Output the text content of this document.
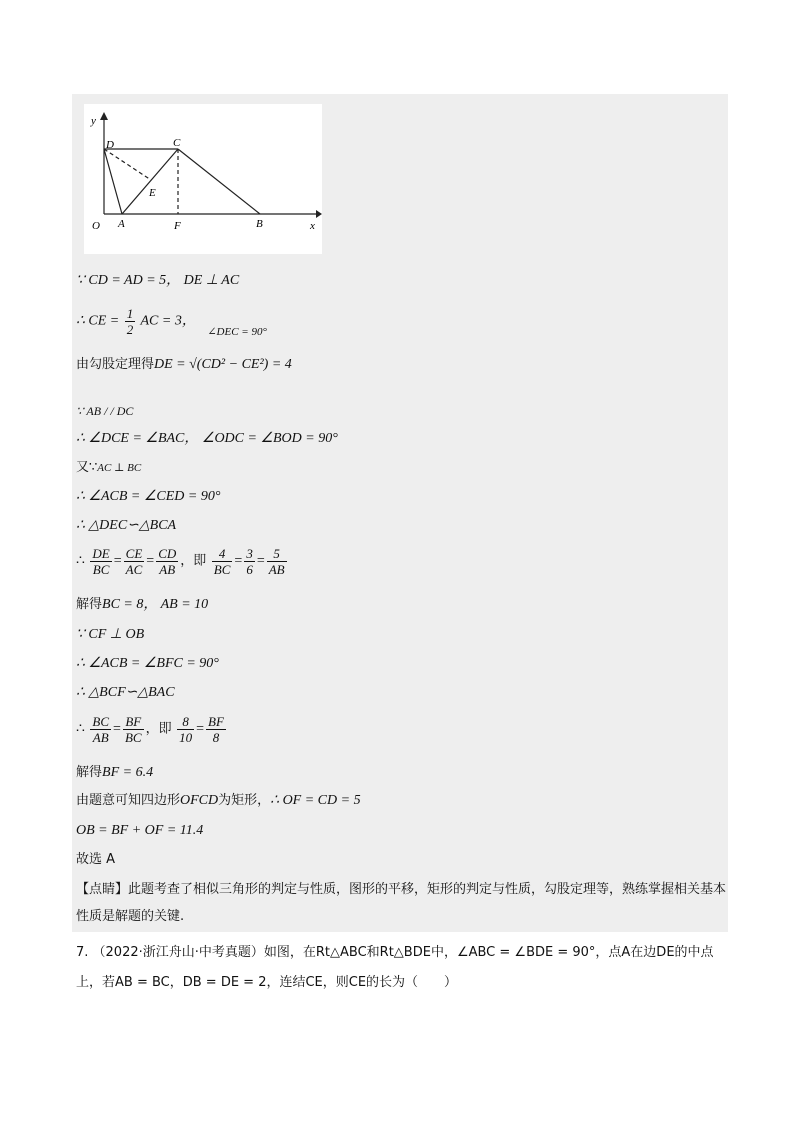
y
x
O
D	C
E
A	F	B
∵ CD = AD = 5， DE ⊥ AC
∴ CE = $\frac{1}{2}$ AC = 3， $_{\angle DEC = 90^\circ}$
由勾股定理得DE = √(CD² − CE²) = 4
∵ AB / / DC
∴ ∠DCE = ∠BAC， ∠ODC = ∠BOD = 90°
又∵AC ⊥ BC
∴ ∠ACB = ∠CED = 90°
∴ △DEC∽△BCA
∴ $\frac{DE}{BC} = \frac{CE}{AC} = \frac{CD}{AB}$ ，即 $\frac{4}{BC} = \frac{3}{6} = \frac{5}{AB}$
解得BC = 8， AB = 10
∵ CF ⊥ OB
∴ ∠ACB = ∠BFC = 90°
∴ △BCF∽△BAC
∴ $\frac{BC}{AB} = \frac{BF}{BC}$ ，即 $\frac{8}{10} = \frac{BF}{8}$
解得BF = 6.4
由题意可知四边形OFCD为矩形，∴ OF = CD = 5
OB = BF + OF = 11.4
故选 A
【点睛】此题考查了相似三角形的判定与性质，图形的平移，矩形的判定与性质，勾股定理等，熟练掌握相关基本性质是解题的关键.
7. （2022·浙江舟山·中考真题）如图，在Rt△ABC和Rt△BDE中，∠ABC = ∠BDE = 90°，点A在边DE的中点上，若AB = BC，DB = DE = 2，连结CE，则CE的长为（　　）
